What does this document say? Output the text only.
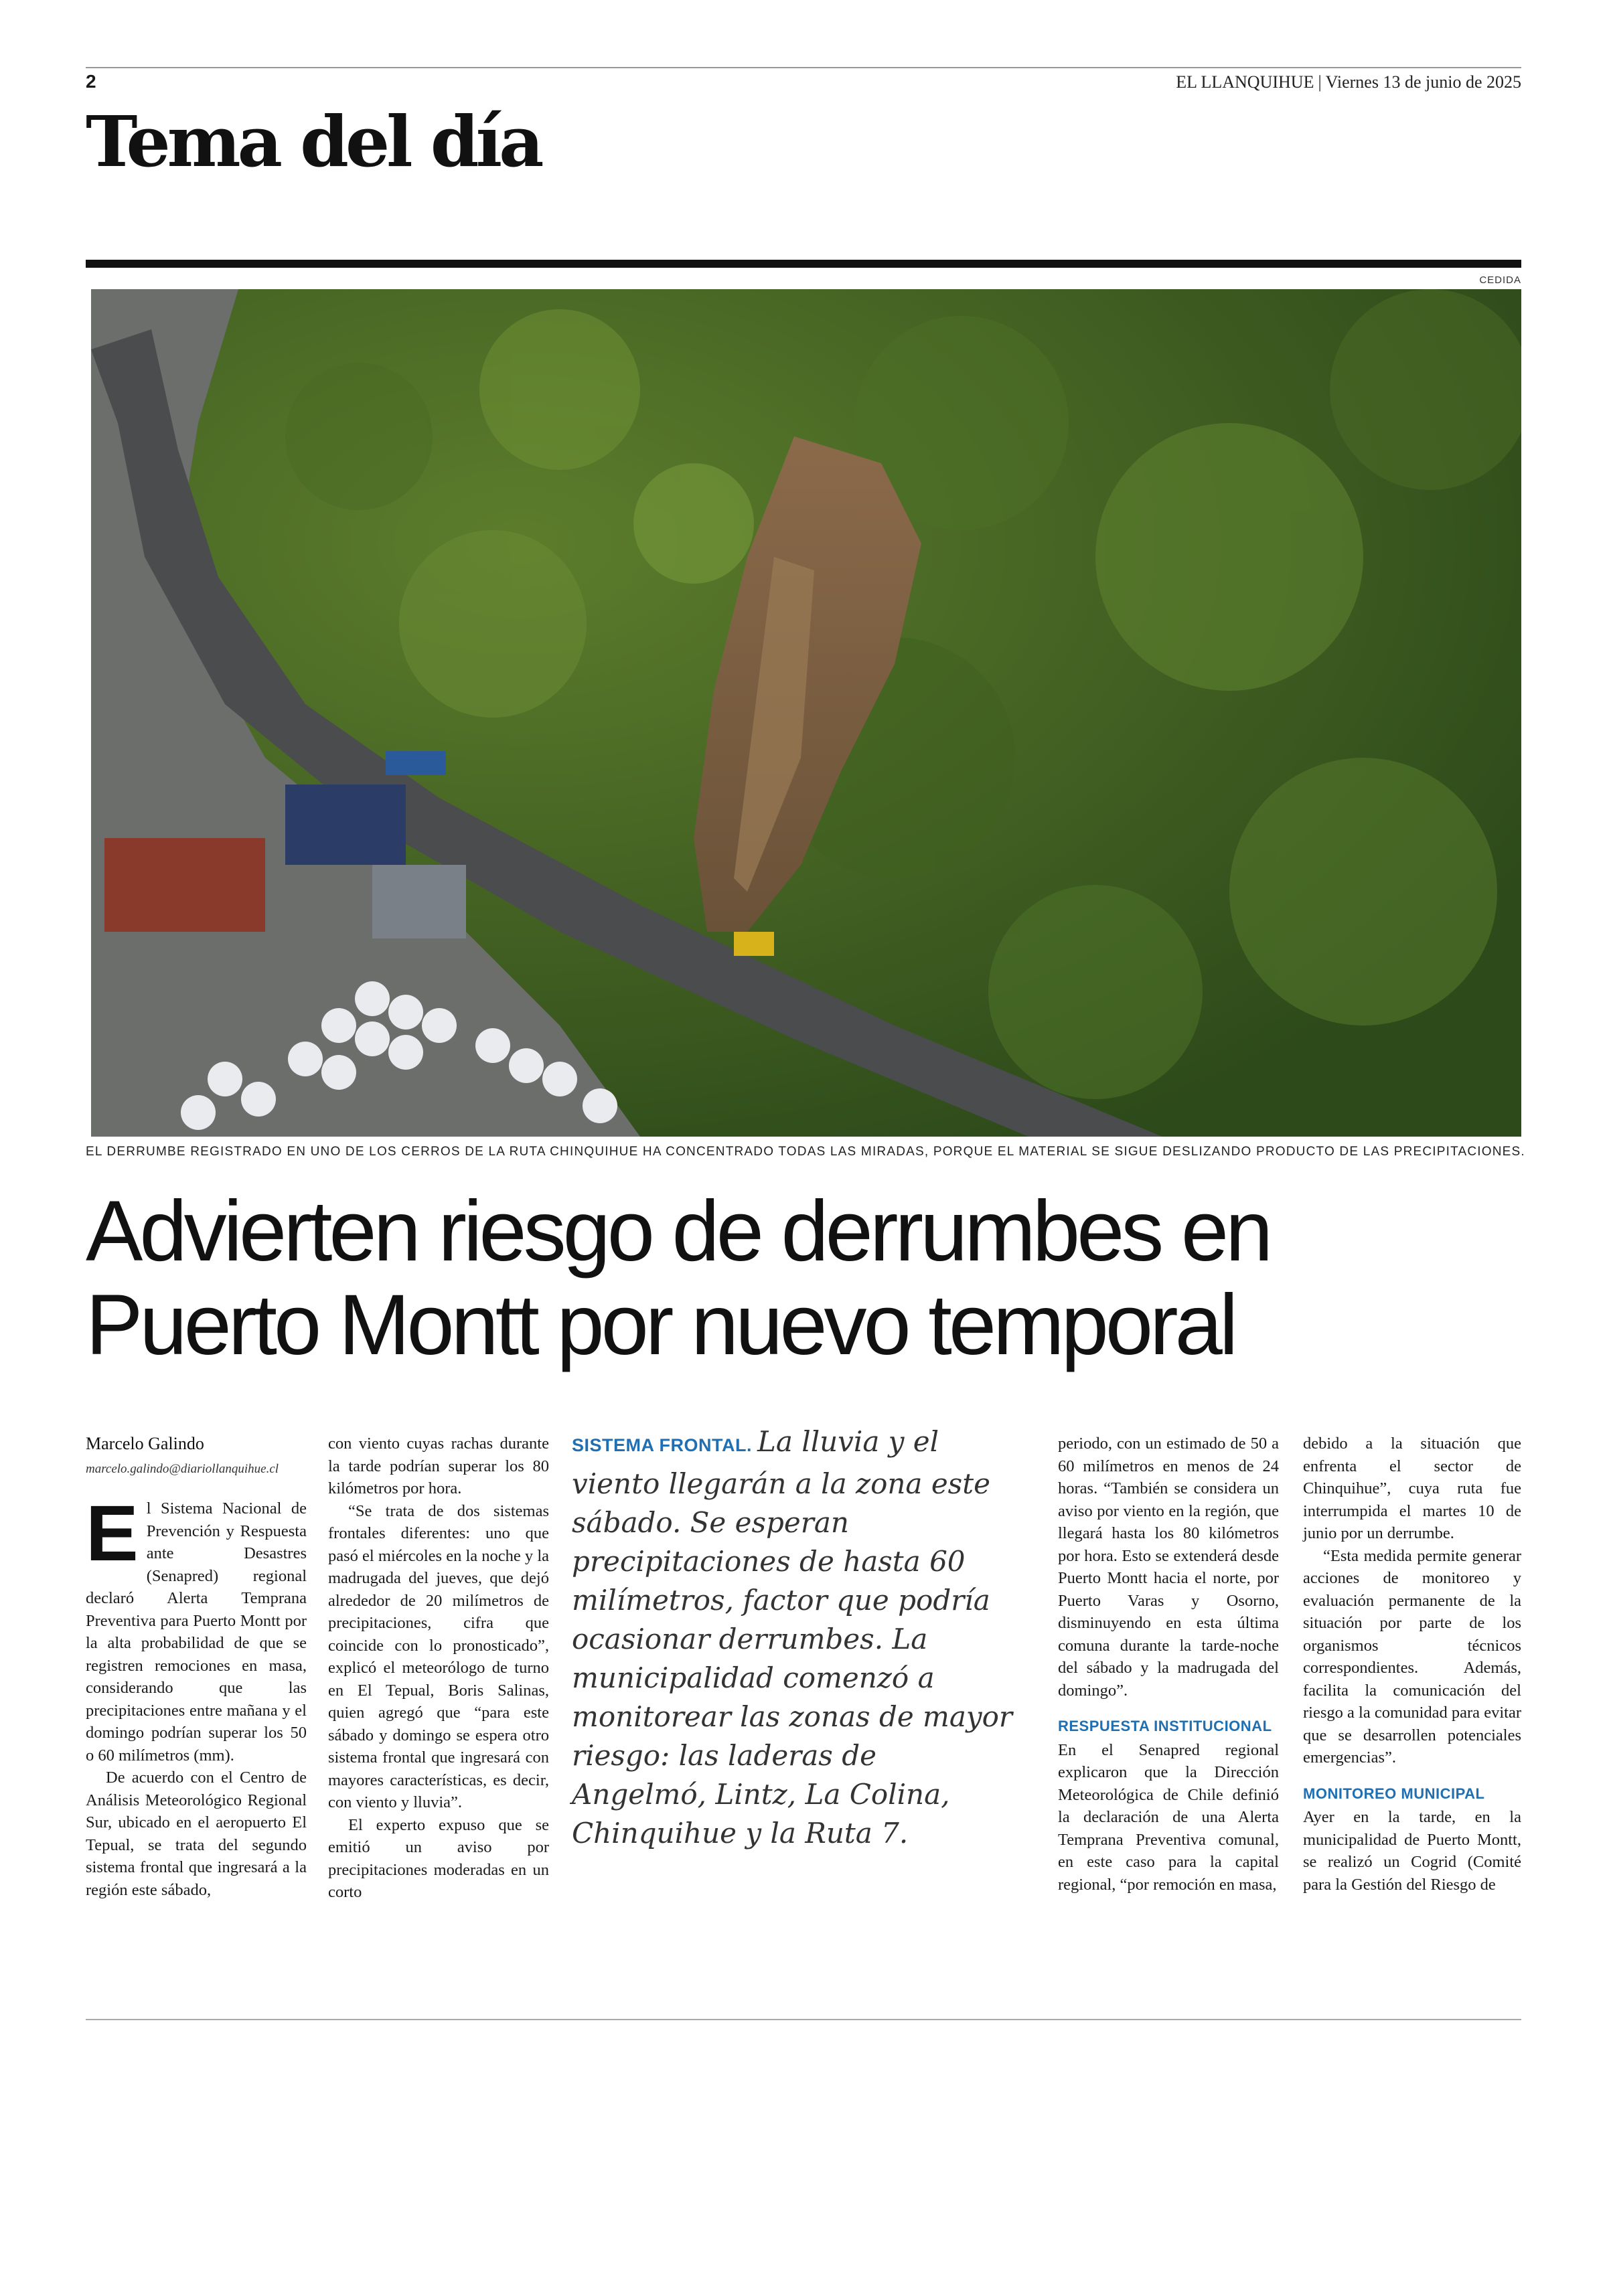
2	EL LLANQUIHUE | Viernes 13 de junio de 2025
Tema del día
CEDIDA
EL DERRUMBE REGISTRADO EN UNO DE LOS CERROS DE LA RUTA CHINQUIHUE HA CONCENTRADO TODAS LAS MIRADAS, PORQUE EL MATERIAL SE SIGUE DESLIZANDO PRODUCTO DE LAS PRECIPITACIONES.
Advierten riesgo de derrumbes en
Puerto Montt por nuevo temporal
Marcelo Galindo
marcelo.galindo@diariollanquihue.cl

El Sistema Nacional de Prevención y Respuesta ante Desastres (Senapred) regional declaró Alerta Temprana Preventiva para Puerto Montt por la alta probabilidad de que se registren remociones en masa, considerando que las precipitaciones entre mañana y el domingo podrían superar los 50 o 60 milímetros (mm).

De acuerdo con el Centro de Análisis Meteorológico Regional Sur, ubicado en el aeropuerto El Tepual, se trata del segundo sistema frontal que ingresará a la región este sábado,

con viento cuyas rachas durante la tarde podrían superar los 80 kilómetros por hora.

“Se trata de dos sistemas frontales diferentes: uno que pasó el miércoles en la noche y la madrugada del jueves, que dejó alrededor de 20 milímetros de precipitaciones, cifra que coincide con lo pronosticado”, explicó el meteorólogo de turno en El Tepual, Boris Salinas, quien agregó que “para este sábado y domingo se espera otro sistema frontal que ingresará con mayores características, es decir, con viento y lluvia”.

El experto expuso que se emitió un aviso por precipitaciones moderadas en un corto

SISTEMA FRONTAL. La lluvia y el viento llegarán a la zona este sábado. Se esperan precipitaciones de hasta 60 milímetros, factor que podría ocasionar derrumbes. La municipalidad comenzó a monitorear las zonas de mayor riesgo: las laderas de Angelmó, Lintz, La Colina, Chinquihue y la Ruta 7.

periodo, con un estimado de 50 a 60 milímetros en menos de 24 horas. “También se considera un aviso por viento en la región, que llegará hasta los 80 kilómetros por hora. Esto se extenderá desde Puerto Montt hacia el norte, por Puerto Varas y Osorno, disminuyendo en esta última comuna durante la tarde-noche del sábado y la madrugada del domingo”.

RESPUESTA INSTITUCIONAL

En el Senapred regional explicaron que la Dirección Meteorológica de Chile definió la declaración de una Alerta Temprana Preventiva comunal, en este caso para la capital regional, “por remoción en masa,

debido a la situación que enfrenta el sector de Chinquihue”, cuya ruta fue interrumpida el martes 10 de junio por un derrumbe.

“Esta medida permite generar acciones de monitoreo y evaluación permanente de la situación por parte de los organismos técnicos correspondientes. Además, facilita la comunicación del riesgo a la comunidad para evitar que se desarrollen potenciales emergencias”.

MONITOREO MUNICIPAL

Ayer en la tarde, en la municipalidad de Puerto Montt, se realizó un Cogrid (Comité para la Gestión del Riesgo de
